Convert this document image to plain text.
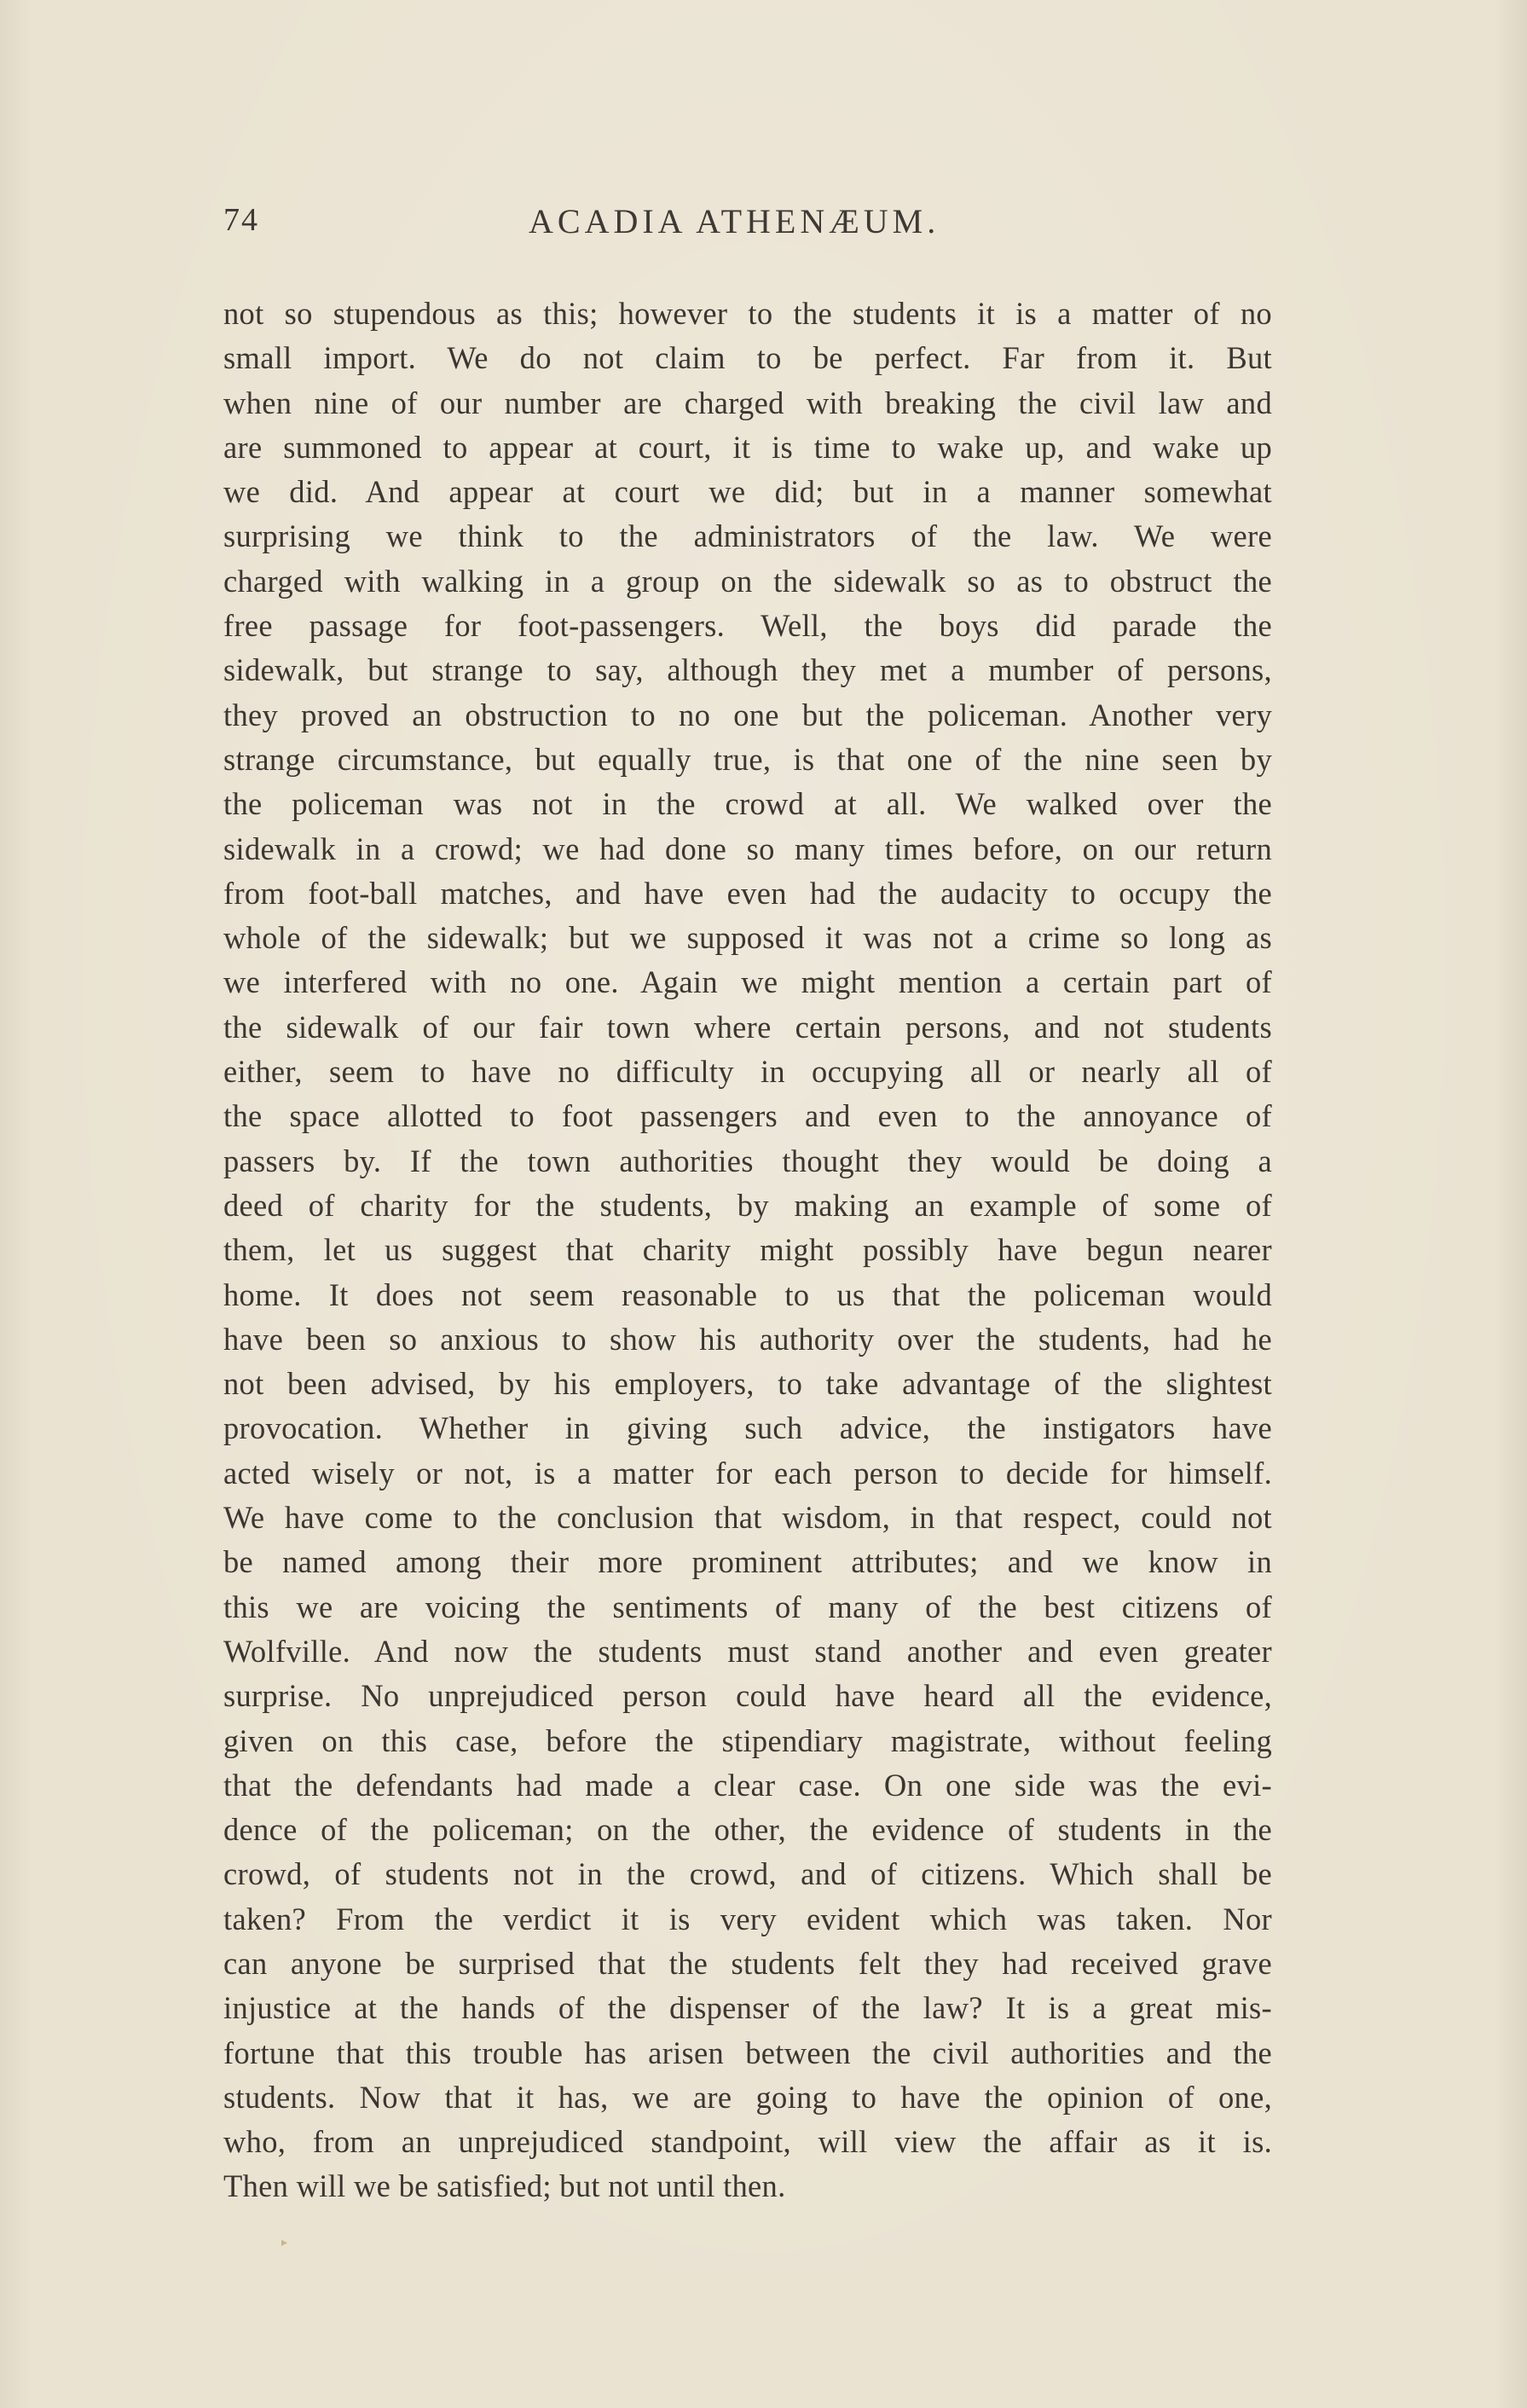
74	ACADIA ATHENÆUM.
not so stupendous as this; however to the students it is a matter of no
small import. We do not claim to be perfect. Far from it. But
when nine of our number are charged with breaking the civil law and
are summoned to appear at court, it is time to wake up, and wake up
we did. And appear at court we did; but in a manner somewhat
surprising we think to the administrators of the law. We were
charged with walking in a group on the sidewalk so as to obstruct the
free passage for foot-passengers. Well, the boys did parade the
sidewalk, but strange to say, although they met a mumber of persons,
they proved an obstruction to no one but the policeman. Another very
strange circumstance, but equally true, is that one of the nine seen by
the policeman was not in the crowd at all. We walked over the
sidewalk in a crowd; we had done so many times before, on our return
from foot-ball matches, and have even had the audacity to occupy the
whole of the sidewalk; but we supposed it was not a crime so long as
we interfered with no one. Again we might mention a certain part of
the sidewalk of our fair town where certain persons, and not students
either, seem to have no difficulty in occupying all or nearly all of
the space allotted to foot passengers and even to the annoyance of
passers by. If the town authorities thought they would be doing a
deed of charity for the students, by making an example of some of
them, let us suggest that charity might possibly have begun nearer
home. It does not seem reasonable to us that the policeman would
have been so anxious to show his authority over the students, had he
not been advised, by his employers, to take advantage of the slightest
provocation. Whether in giving such advice, the instigators have
acted wisely or not, is a matter for each person to decide for himself.
We have come to the conclusion that wisdom, in that respect, could not
be named among their more prominent attributes; and we know in
this we are voicing the sentiments of many of the best citizens of
Wolfville. And now the students must stand another and even greater
surprise. No unprejudiced person could have heard all the evidence,
given on this case, before the stipendiary magistrate, without feeling
that the defendants had made a clear case. On one side was the evi-
dence of the policeman; on the other, the evidence of students in the
crowd, of students not in the crowd, and of citizens. Which shall be
taken? From the verdict it is very evident which was taken. Nor
can anyone be surprised that the students felt they had received grave
injustice at the hands of the dispenser of the law? It is a great mis-
fortune that this trouble has arisen between the civil authorities and the
students. Now that it has, we are going to have the opinion of one,
who, from an unprejudiced standpoint, will view the affair as it is.
Then will we be satisfied; but not until then.
▸
